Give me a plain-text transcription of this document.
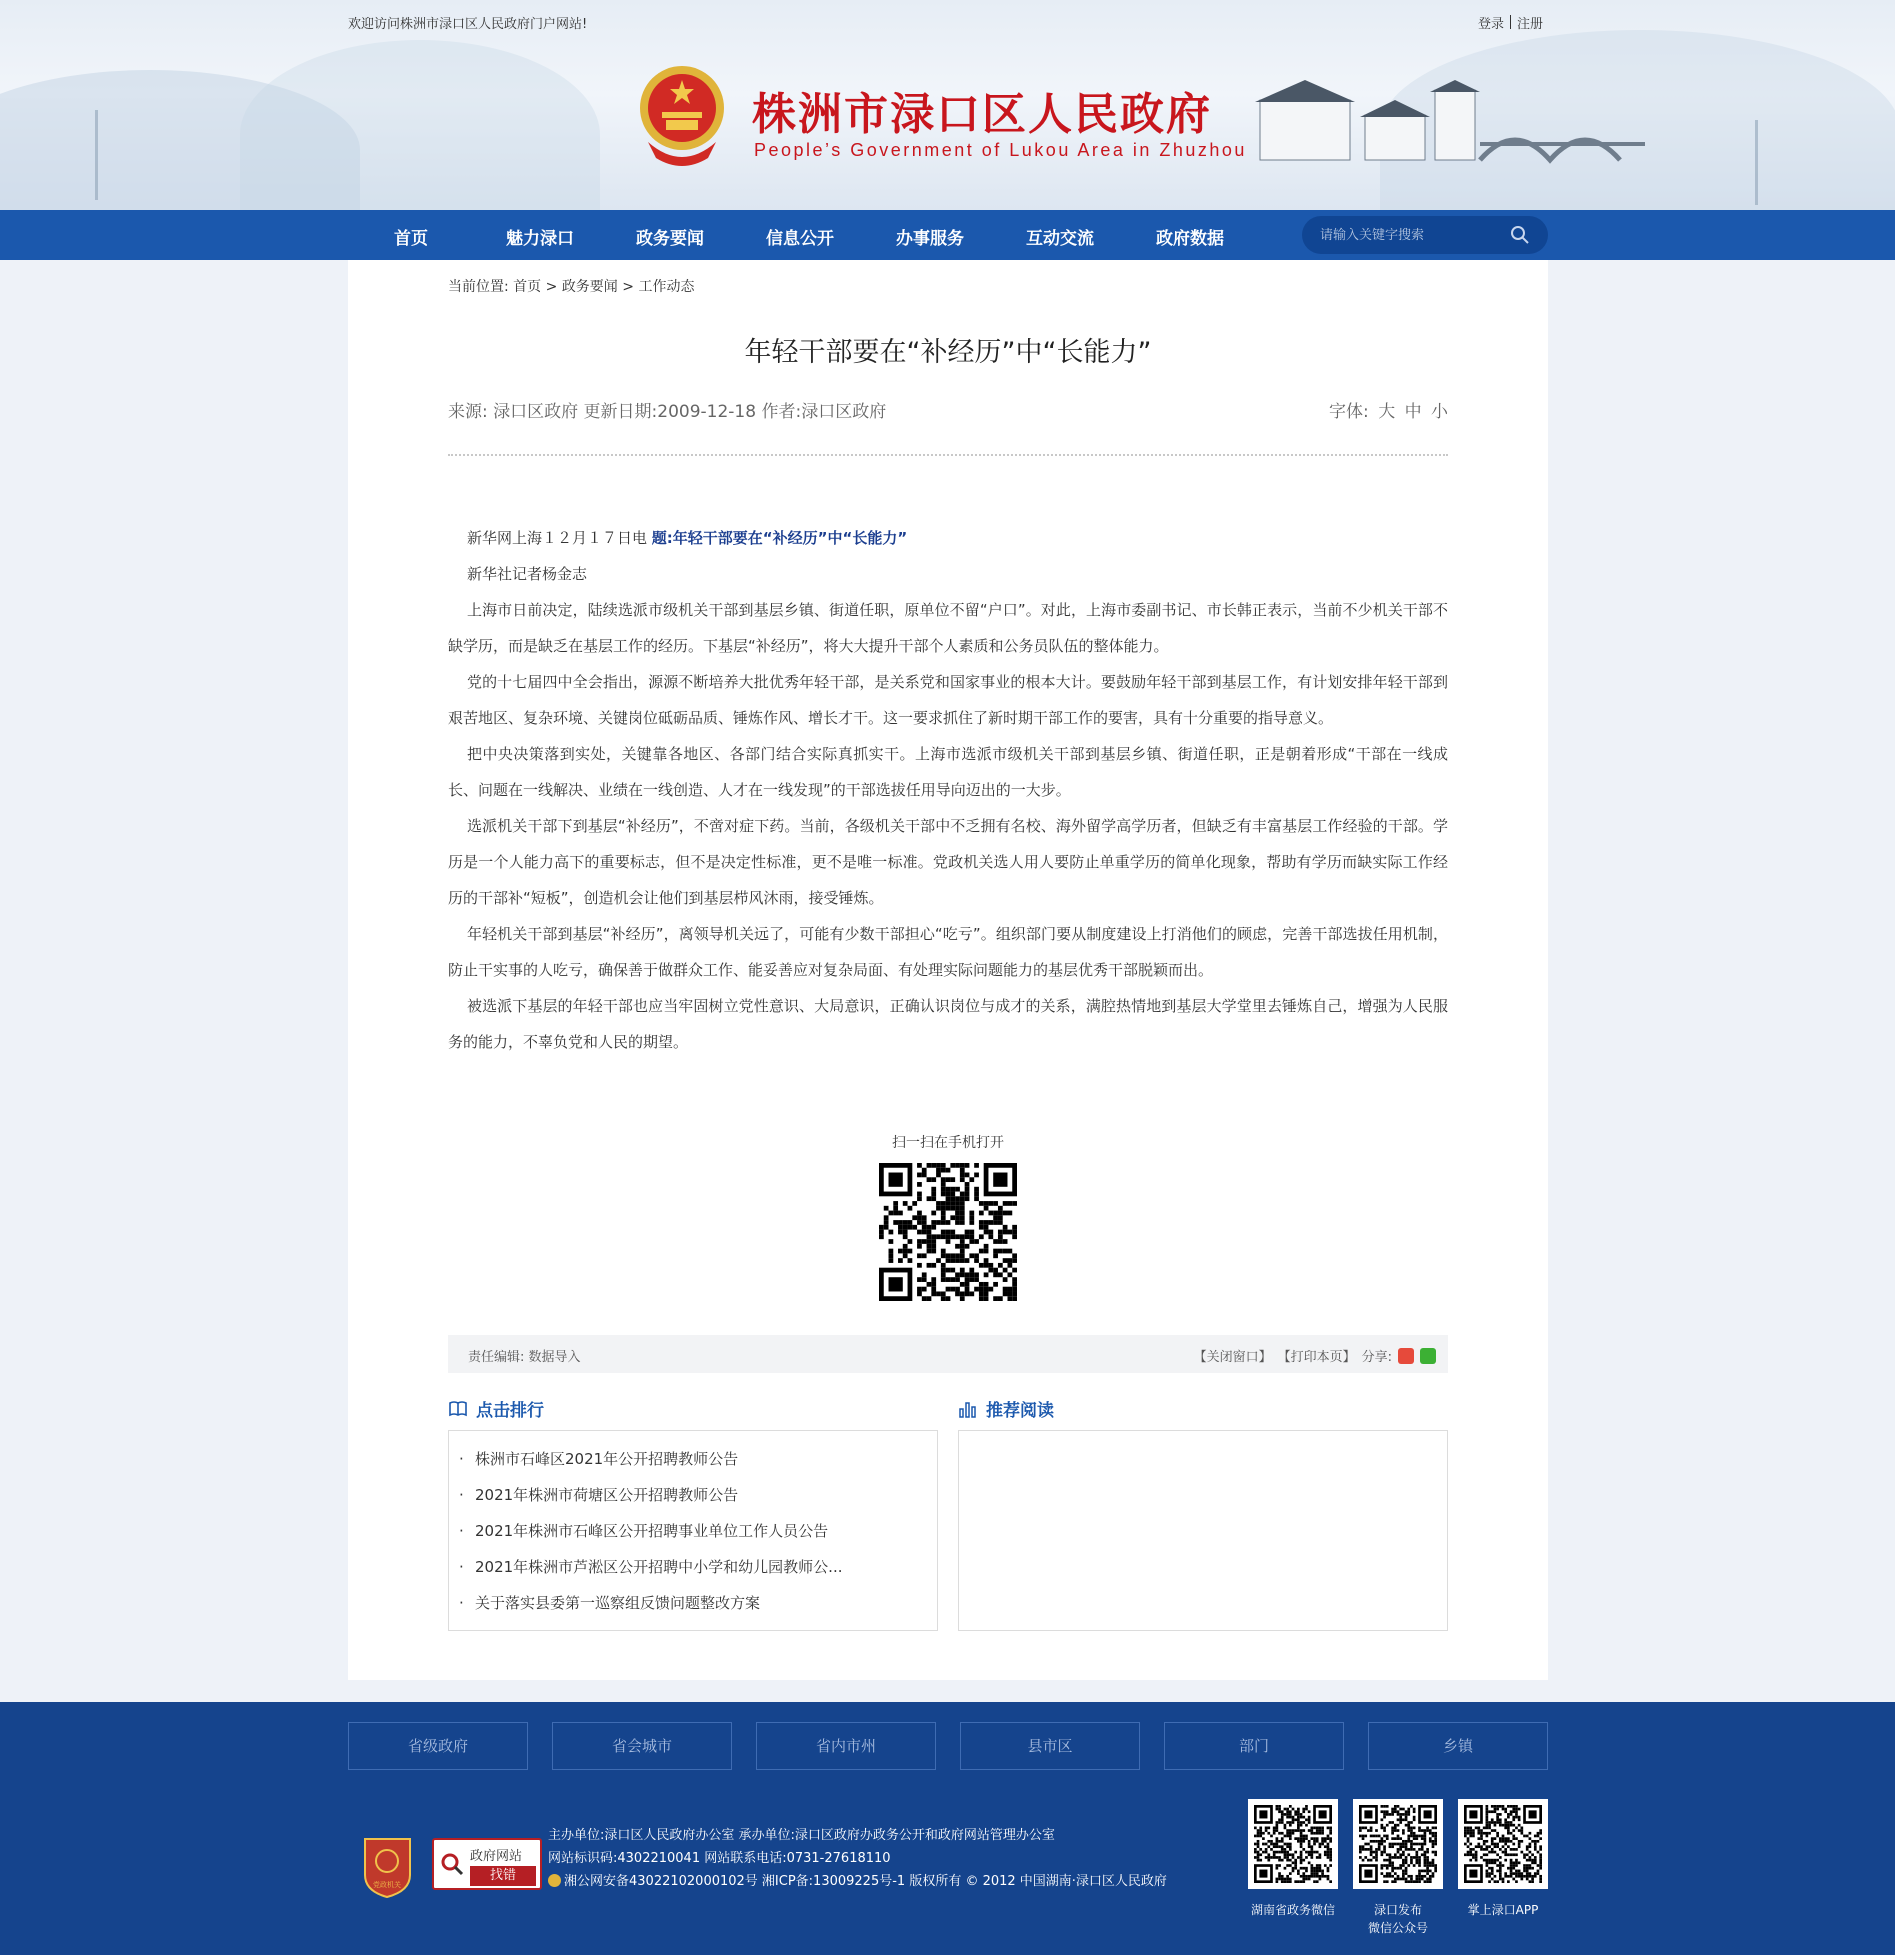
欢迎访问株洲市渌口区人民政府门户网站!	登录 注册
株洲市渌口区人民政府
People’s Government of Lukou Area in Zhuzhou
首页	魅力渌口	政务要闻	信息公开	办事服务	互动交流	政府数据
请输入关键字搜索
当前位置: 首页 > 政务要闻 > 工作动态
年轻干部要在“补经历”中“长能力”
来源: 渌口区政府 更新日期:2009-12-18 作者:渌口区政府	字体: 大 中 小

新华网上海１２月１７日电 题:年轻干部要在“补经历”中“长能力”

新华社记者杨金志

上海市日前决定，陆续选派市级机关干部到基层乡镇、街道任职，原单位不留“户口”。对此，上海市委副书记、市长韩正表示，当前不少机关干部不缺学历，而是缺乏在基层工作的经历。下基层“补经历”，将大大提升干部个人素质和公务员队伍的整体能力。

党的十七届四中全会指出，源源不断培养大批优秀年轻干部，是关系党和国家事业的根本大计。要鼓励年轻干部到基层工作，有计划安排年轻干部到艰苦地区、复杂环境、关键岗位砥砺品质、锤炼作风、增长才干。这一要求抓住了新时期干部工作的要害，具有十分重要的指导意义。

把中央决策落到实处，关键靠各地区、各部门结合实际真抓实干。上海市选派市级机关干部到基层乡镇、街道任职，正是朝着形成“干部在一线成长、问题在一线解决、业绩在一线创造、人才在一线发现”的干部选拔任用导向迈出的一大步。

选派机关干部下到基层“补经历”，不啻对症下药。当前，各级机关干部中不乏拥有名校、海外留学高学历者，但缺乏有丰富基层工作经验的干部。学历是一个人能力高下的重要标志，但不是决定性标准，更不是唯一标准。党政机关选人用人要防止单重学历的简单化现象，帮助有学历而缺实际工作经历的干部补“短板”，创造机会让他们到基层栉风沐雨，接受锤炼。

年轻机关干部到基层“补经历”，离领导机关远了，可能有少数干部担心“吃亏”。组织部门要从制度建设上打消他们的顾虑，完善干部选拔任用机制，防止干实事的人吃亏，确保善于做群众工作、能妥善应对复杂局面、有处理实际问题能力的基层优秀干部脱颖而出。

被选派下基层的年轻干部也应当牢固树立党性意识、大局意识，正确认识岗位与成才的关系，满腔热情地到基层大学堂里去锤炼自己，增强为人民服务的能力，不辜负党和人民的期望。

扫一扫在手机打开
责任编辑: 数据导入	【关闭窗口】 【打印本页】 分享:
点击排行
· 株洲市石峰区2021年公开招聘教师公告
· 2021年株洲市荷塘区公开招聘教师公告
· 2021年株洲市石峰区公开招聘事业单位工作人员公告
· 2021年株洲市芦淞区公开招聘中小学和幼儿园教师公...
· 关于落实县委第一巡察组反馈问题整改方案
推荐阅读
省级政府	省会城市	省内市州	县市区	部门	乡镇
党政机关
政府网站
找错
主办单位:渌口区人民政府办公室 承办单位:渌口区政府办政务公开和政府网站管理办公室
网站标识码:4302210041 网站联系电话:0731-27618110
湘公网安备43022102000102号 湘ICP备:13009225号-1 版权所有 © 2012 中国湖南·渌口区人民政府
湖南省政务微信	渌口发布
微信公众号
掌上渌口APP
